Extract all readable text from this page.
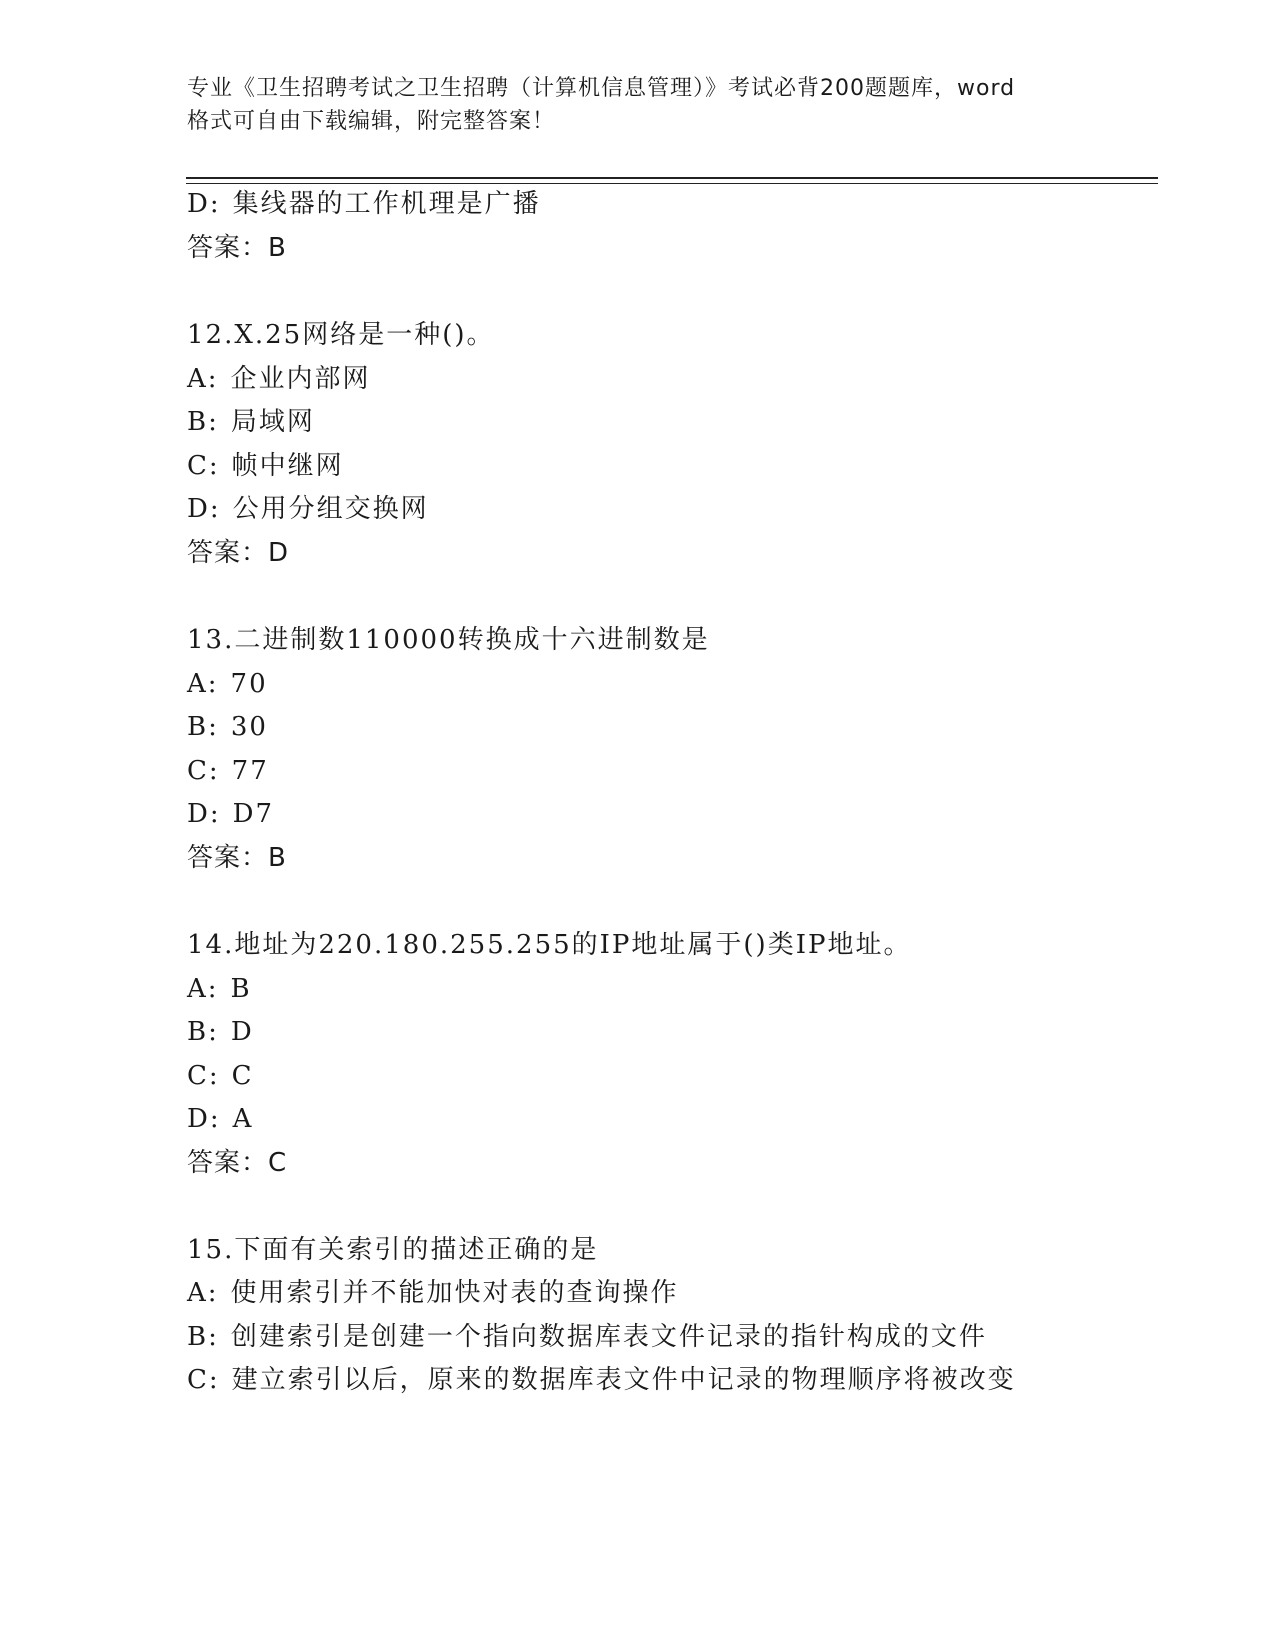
专业《卫生招聘考试之卫生招聘（计算机信息管理）》考试必背200题题库，word
格式可自由下载编辑，附完整答案！
D: 集线器的工作机理是广播
答案：B
12.X.25网络是一种()。
A: 企业内部网
B: 局域网
C: 帧中继网
D: 公用分组交换网
答案：D
13.二进制数110000转换成十六进制数是
A: 70
B: 30
C: 77
D: D7
答案：B
14.地址为220.180.255.255的IP地址属于()类IP地址。
A: B
B: D
C: C
D: A
答案：C
15.下面有关索引的描述正确的是
A: 使用索引并不能加快对表的查询操作
B: 创建索引是创建一个指向数据库表文件记录的指针构成的文件
C: 建立索引以后，原来的数据库表文件中记录的物理顺序将被改变
